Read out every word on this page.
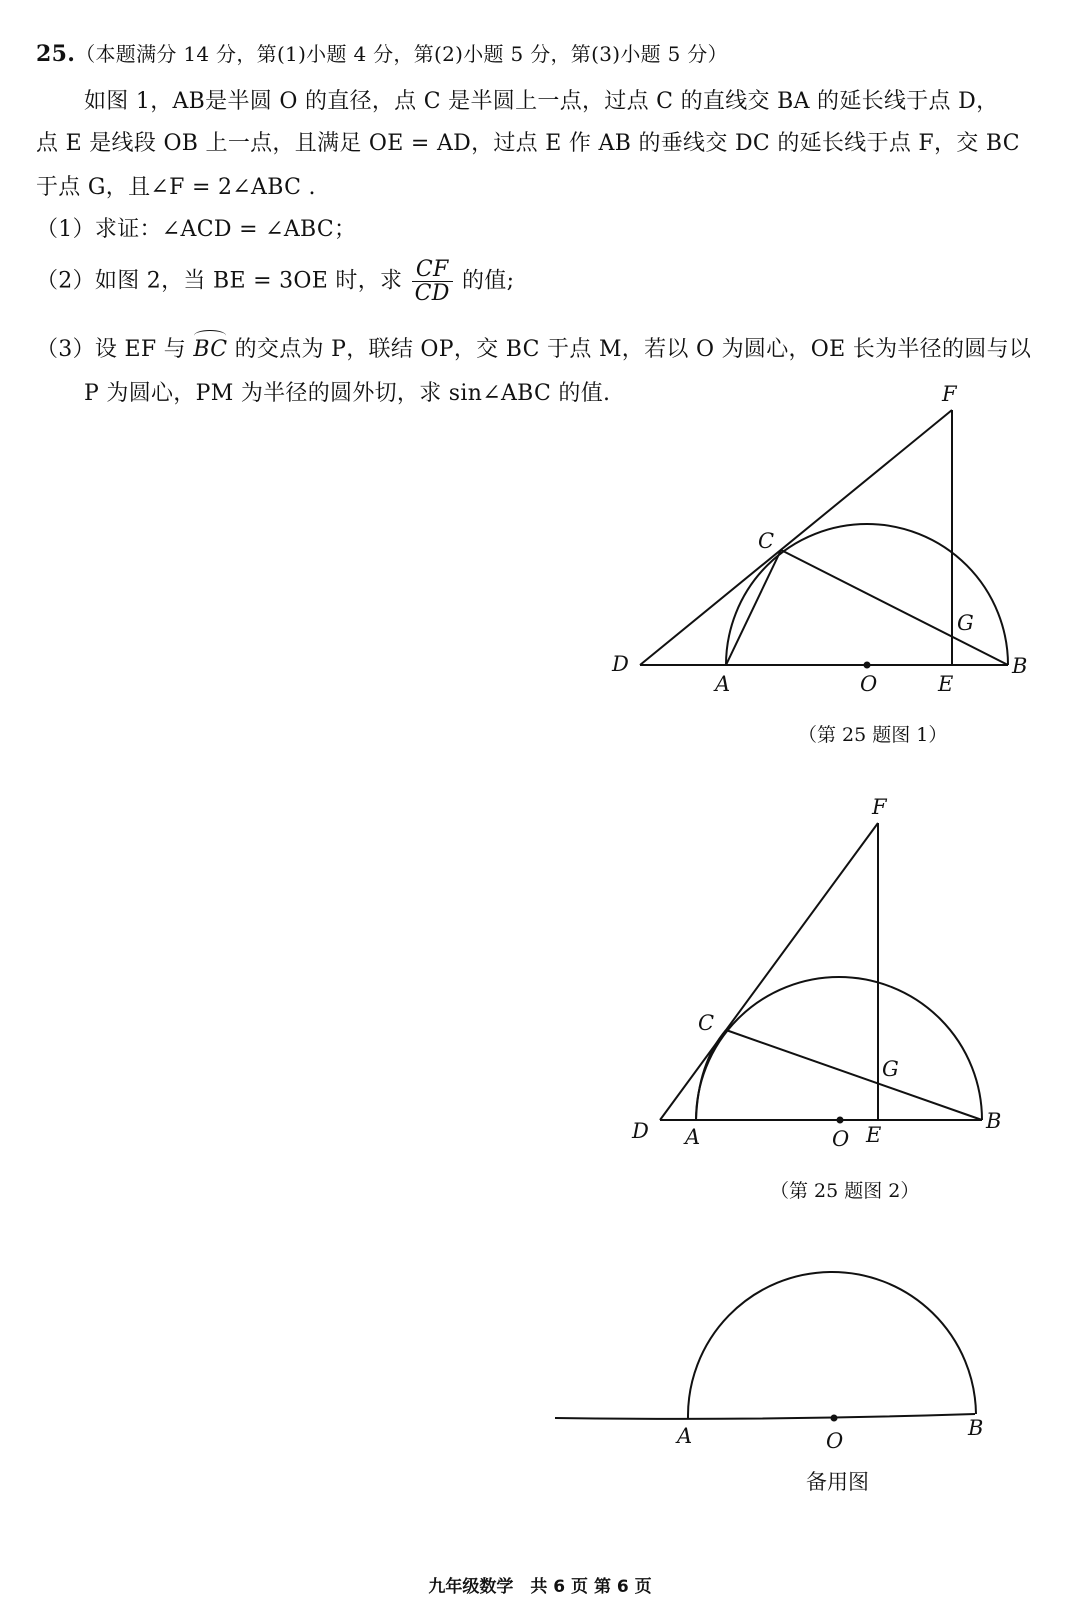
25.（本题满分 14 分，第(1)小题 4 分，第(2)小题 5 分，第(3)小题 5 分）
如图 1，AB是半圆 O 的直径，点 C 是半圆上一点，过点 C 的直线交 BA 的延长线于点 D，
点 E 是线段 OB 上一点，且满足 OE = AD，过点 E 作 AB 的垂线交 DC 的延长线于点 F，交 BC
于点 G，且∠F = 2∠ABC .
（1）求证：∠ACD = ∠ABC；
（2）如图 2，当 BE = 3OE 时，求 $\frac{CF}{CD}$ 的值;
（3）设 EF 与 BC 的交点为 P，联结 OP，交 BC 于点 M，若以 O 为圆心，OE 长为半径的圆与以
P 为圆心，PM 为半径的圆外切，求 sin∠ABC 的值.	F
C
G
D
A	O	E
B
F
C
G
D A	O E
B
A	O
B
（第 25 题图 1）
（第 25 题图 2）
备用图
九年级数学　共 6 页 第 6 页
